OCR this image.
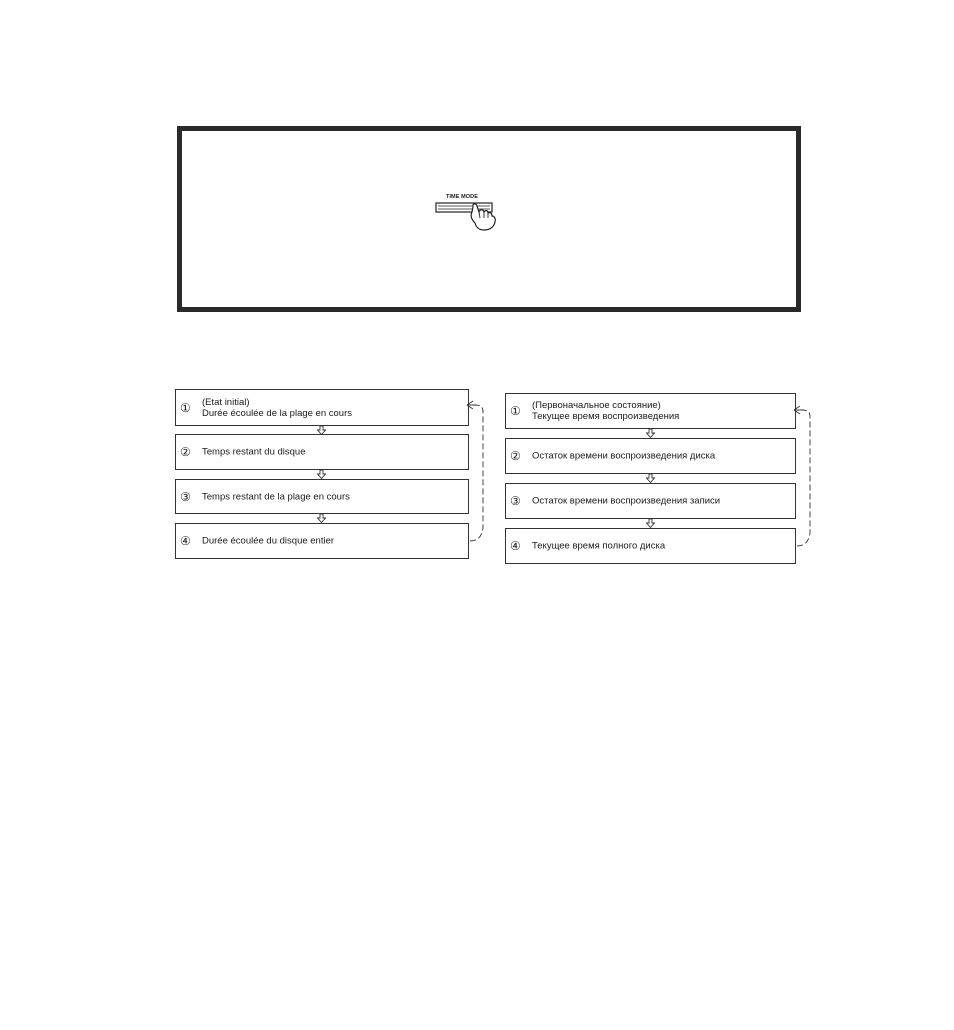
TIME MODE
① (Etat initial)
Durée écoulée de la plage en cours
② Temps restant du disque
③ Temps restant de la plage en cours
④ Durée écoulée du disque entier
① (Первоначальное состояние)
Текущее время воспроизведения
② Остаток времени воспроизведения диска
③ Остаток времени воспроизведения записи
④ Текущее время полного диска
